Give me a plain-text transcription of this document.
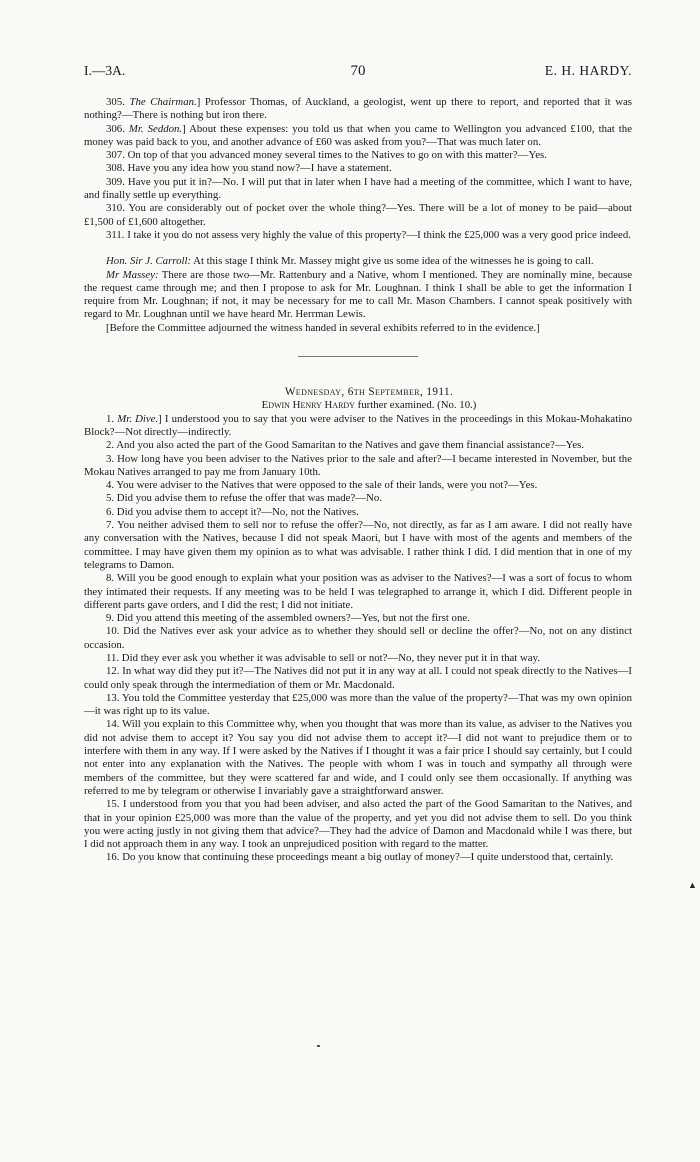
I.—3A.	70	E. H. HARDY.

305. The Chairman.] Professor Thomas, of Auckland, a geologist, went up there to report, and reported that it was nothing?—There is nothing but iron there.

306. Mr. Seddon.] About these expenses: you told us that when you came to Wellington you advanced £100, that the money was paid back to you, and another advance of £60 was asked from you?—That was much later on.

307. On top of that you advanced money several times to the Natives to go on with this matter?—Yes.

308. Have you any idea how you stand now?—I have a statement.

309. Have you put it in?—No. I will put that in later when I have had a meeting of the committee, which I want to have, and finally settle up everything.

310. You are considerably out of pocket over the whole thing?—Yes. There will be a lot of money to be paid—about £1,500 of £1,600 altogether.

311. I take it you do not assess very highly the value of this property?—I think the £25,000 was a very good price indeed.

Hon. Sir J. Carroll: At this stage I think Mr. Massey might give us some idea of the witnesses he is going to call.

Mr Massey: There are those two—Mr. Rattenbury and a Native, whom I mentioned. They are nominally mine, because the request came through me; and then I propose to ask for Mr. Loughnan. I think I shall be able to get the information I require from Mr. Loughnan; if not, it may be necessary for me to call Mr. Mason Chambers. I cannot speak positively with regard to Mr. Loughnan until we have heard Mr. Herrman Lewis.

[Before the Committee adjourned the witness handed in several exhibits referred to in the evidence.]

Wednesday, 6th September, 1911.

Edwin Henry Hardy further examined. (No. 10.)

1. Mr. Dive.] I understood you to say that you were adviser to the Natives in the proceedings in this Mokau-Mohakatino Block?—Not directly—indirectly.

2. And you also acted the part of the Good Samaritan to the Natives and gave them financial assistance?—Yes.

3. How long have you been adviser to the Natives prior to the sale and after?—I became interested in November, but the Mokau Natives arranged to pay me from January 10th.

4. You were adviser to the Natives that were opposed to the sale of their lands, were you not?—Yes.

5. Did you advise them to refuse the offer that was made?—No.

6. Did you advise them to accept it?—No, not the Natives.

7. You neither advised them to sell nor to refuse the offer?—No, not directly, as far as I am aware. I did not really have any conversation with the Natives, because I did not speak Maori, but I have with most of the agents and members of the committee. I may have given them my opinion as to what was advisable. I rather think I did. I did mention that in one of my telegrams to Damon.

8. Will you be good enough to explain what your position was as adviser to the Natives?—I was a sort of focus to whom they intimated their requests. If any meeting was to be held I was telegraphed to arrange it, which I did. Different people in different parts gave orders, and I did the rest; I did not initiate.

9. Did you attend this meeting of the assembled owners?—Yes, but not the first one.

10. Did the Natives ever ask your advice as to whether they should sell or decline the offer?—No, not on any distinct occasion.

11. Did they ever ask you whether it was advisable to sell or not?—No, they never put it in that way.

12. In what way did they put it?—The Natives did not put it in any way at all. I could not speak directly to the Natives—I could only speak through the intermediation of them or Mr. Macdonald.

13. You told the Committee yesterday that £25,000 was more than the value of the property?—That was my own opinion—it was right up to its value.

14. Will you explain to this Committee why, when you thought that was more than its value, as adviser to the Natives you did not advise them to accept it? You say you did not advise them to accept it?—I did not want to prejudice them or to interfere with them in any way. If I were asked by the Natives if I thought it was a fair price I should say certainly, but I could not enter into any explanation with the Natives. The people with whom I was in touch and sympathy all through were members of the committee, but they were scattered far and wide, and I could only see them occasionally. If anything was referred to me by telegram or otherwise I invariably gave a straightforward answer.

15. I understood from you that you had been adviser, and also acted the part of the Good Samaritan to the Natives, and that in your opinion £25,000 was more than the value of the property, and yet you did not advise them to sell. Do you think you were acting justly in not giving them that advice?—They had the advice of Damon and Macdonald while I was there, but I did not approach them in any way. I took an unprejudiced position with regard to the matter.

16. Do you know that continuing these proceedings meant a big outlay of money?—I quite understood that, certainly.

▲
